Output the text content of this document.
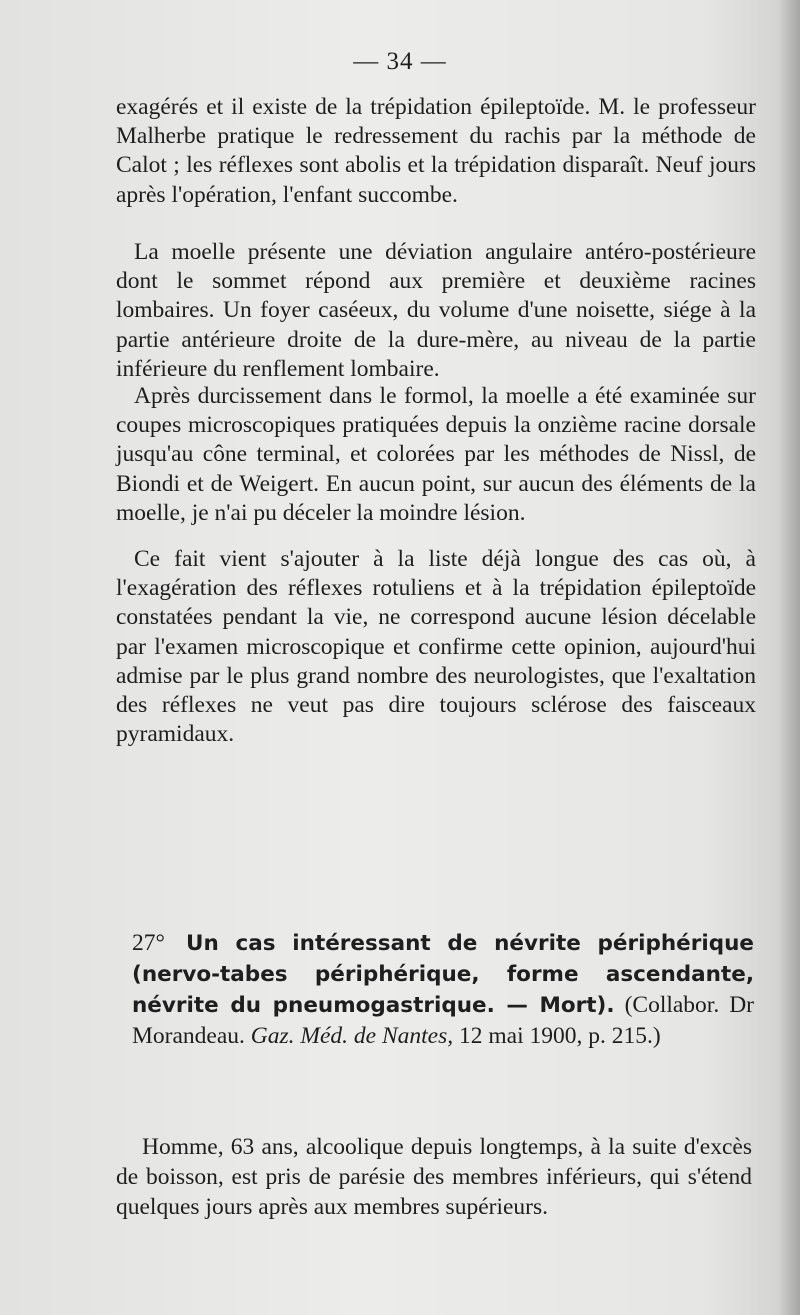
— 34 —

exagérés et il existe de la trépidation épileptoïde. M. le professeur Malherbe pratique le redressement du rachis par la méthode de Calot ; les réflexes sont abolis et la trépidation disparaît. Neuf jours après l'opération, l'enfant succombe.

La moelle présente une déviation angulaire antéro-postérieure dont le sommet répond aux première et deuxième racines lombaires. Un foyer caséeux, du volume d'une noisette, siége à la partie antérieure droite de la dure-mère, au niveau de la partie inférieure du renflement lombaire.

Après durcissement dans le formol, la moelle a été examinée sur coupes microscopiques pratiquées depuis la onzième racine dorsale jusqu'au cône terminal, et colorées par les méthodes de Nissl, de Biondi et de Weigert. En aucun point, sur aucun des éléments de la moelle, je n'ai pu déceler la moindre lésion.

Ce fait vient s'ajouter à la liste déjà longue des cas où, à l'exagération des réflexes rotuliens et à la trépidation épileptoïde constatées pendant la vie, ne correspond aucune lésion décelable par l'examen microscopique et confirme cette opinion, aujourd'hui admise par le plus grand nombre des neurologistes, que l'exaltation des réflexes ne veut pas dire toujours sclérose des faisceaux pyramidaux.

27° Un cas intéressant de névrite périphérique (nervo-tabes périphérique, forme ascendante, névrite du pneumogastrique. — Mort). (Collabor. Dr Morandeau. Gaz. Méd. de Nantes, 12 mai 1900, p. 215.)

Homme, 63 ans, alcoolique depuis longtemps, à la suite d'excès de boisson, est pris de parésie des membres inférieurs, qui s'étend quelques jours après aux membres supérieurs.
